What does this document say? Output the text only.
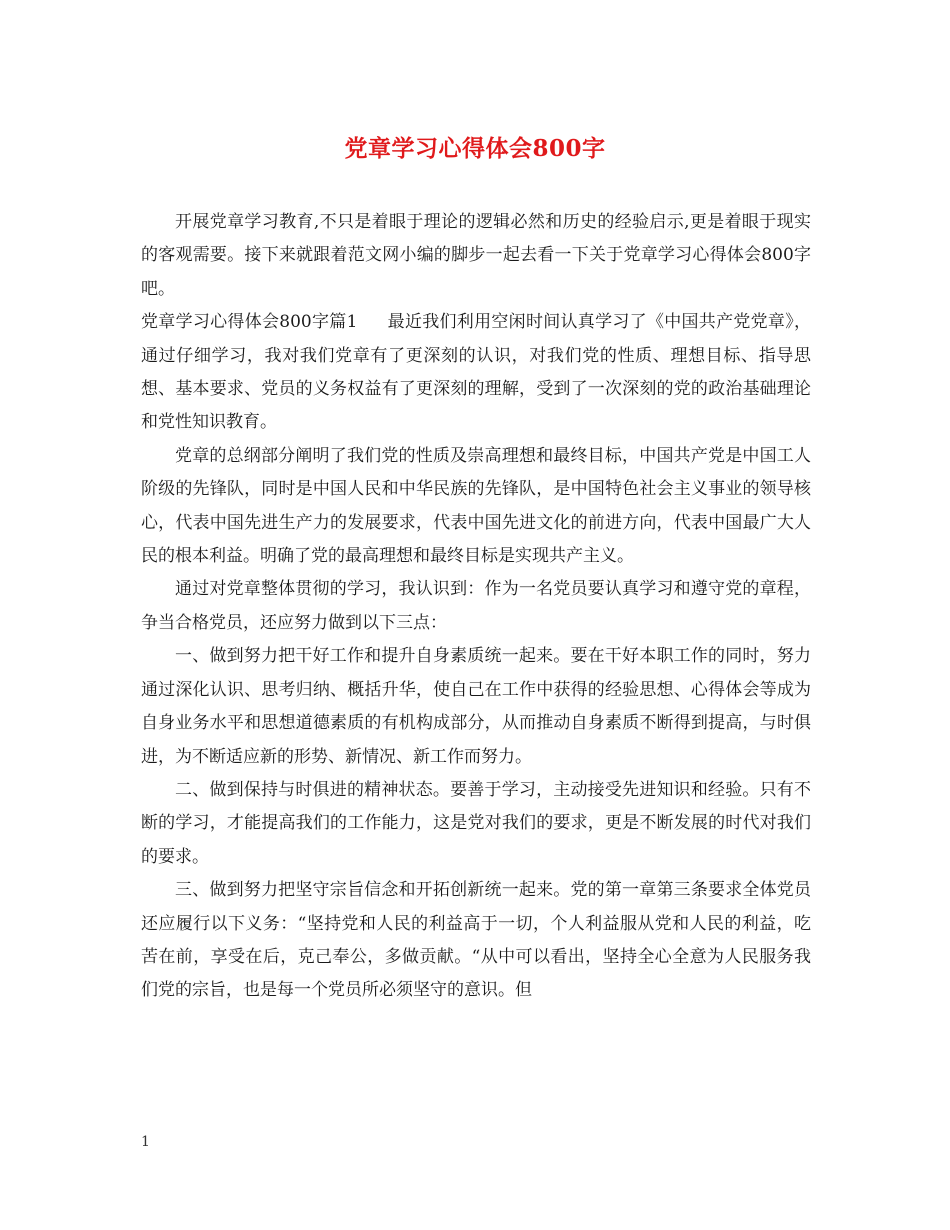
党章学习心得体会800字

开展党章学习教育,不只是着眼于理论的逻辑必然和历史的经验启示,更是着眼于现实的客观需要。接下来就跟着范文网小编的脚步一起去看一下关于党章学习心得体会800字吧。

党章学习心得体会800字篇1 最近我们利用空闲时间认真学习了《中国共产党党章》，通过仔细学习，我对我们党章有了更深刻的认识，对我们党的性质、理想目标、指导思想、基本要求、党员的义务权益有了更深刻的理解，受到了一次深刻的党的政治基础理论和党性知识教育。

党章的总纲部分阐明了我们党的性质及崇高理想和最终目标，中国共产党是中国工人阶级的先锋队，同时是中国人民和中华民族的先锋队，是中国特色社会主义事业的领导核心，代表中国先进生产力的发展要求，代表中国先进文化的前进方向，代表中国最广大人民的根本利益。明确了党的最高理想和最终目标是实现共产主义。

通过对党章整体贯彻的学习，我认识到：作为一名党员要认真学习和遵守党的章程，争当合格党员，还应努力做到以下三点：

一、做到努力把干好工作和提升自身素质统一起来。要在干好本职工作的同时，努力通过深化认识、思考归纳、概括升华，使自己在工作中获得的经验思想、心得体会等成为自身业务水平和思想道德素质的有机构成部分，从而推动自身素质不断得到提高，与时俱进，为不断适应新的形势、新情况、新工作而努力。

二、做到保持与时俱进的精神状态。要善于学习，主动接受先进知识和经验。只有不断的学习，才能提高我们的工作能力，这是党对我们的要求，更是不断发展的时代对我们的要求。

三、做到努力把坚守宗旨信念和开拓创新统一起来。党的第一章第三条要求全体党员还应履行以下义务：“坚持党和人民的利益高于一切，个人利益服从党和人民的利益，吃苦在前，享受在后，克己奉公，多做贡献。“从中可以看出，坚持全心全意为人民服务我们党的宗旨，也是每一个党员所必须坚守的意识。但

1
